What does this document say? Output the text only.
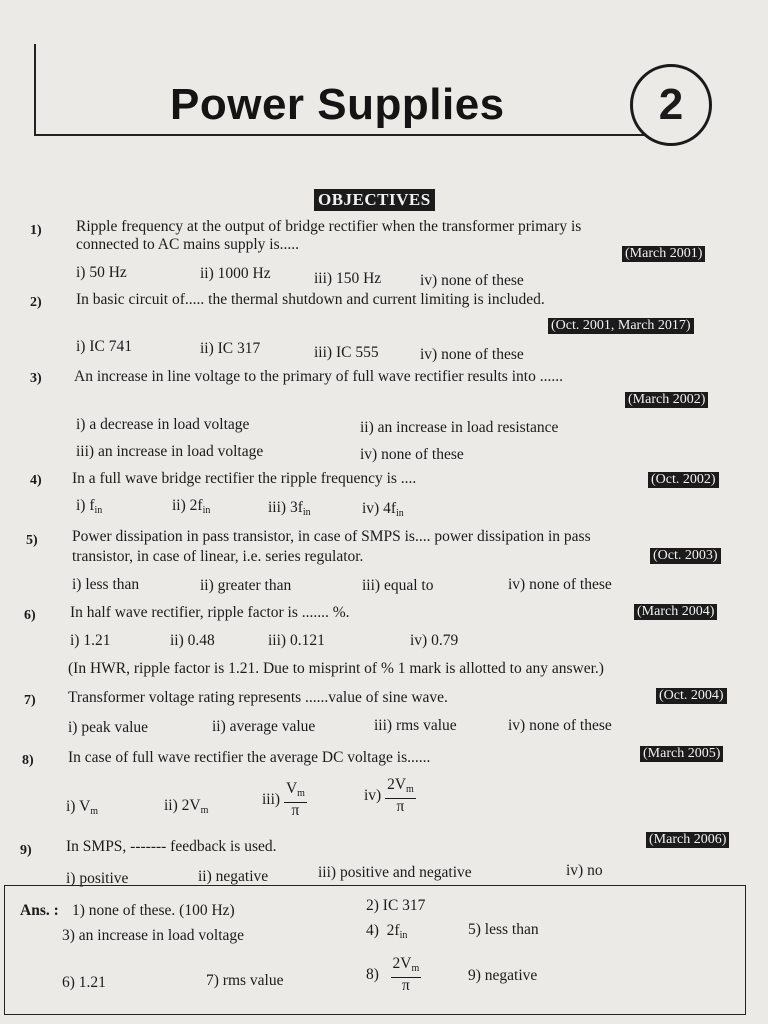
Power Supplies	2
OBJECTIVES
1) Ripple frequency at the output of bridge rectifier when the transformer primary is
connected to AC mains supply is.....
(March 2001)
i) 50 Hz	ii) 1000 Hz	iii) 150 Hz	iv) none of these
2) In basic circuit of..... the thermal shutdown and current limiting is included.
(Oct. 2001, March 2017)
i) IC 741	ii) IC 317	iii) IC 555	iv) none of these
3) An increase in line voltage to the primary of full wave rectifier results into ......
(March 2002)
i) a decrease in load voltage	ii) an increase in load resistance
iii) an increase in load voltage	iv) none of these
4) In a full wave bridge rectifier the ripple frequency is ....	(Oct. 2002)
i) $f_{in}$	ii) $2f_{in}$	iii) $3f_{in}$	iv) $4f_{in}$
5) Power dissipation in pass transistor, in case of SMPS is.... power dissipation in pass
transistor, in case of linear, i.e. series regulator.	(Oct. 2003)
i) less than	ii) greater than	iii) equal to	iv) none of these
6) In half wave rectifier, ripple factor is ....... %.	(March 2004)
i) 1.21	ii) 0.48	iii) 0.121	iv) 0.79
(In HWR, ripple factor is 1.21. Due to misprint of % 1 mark is allotted to any answer.)
7) Transformer voltage rating represents ......value of sine wave.	(Oct. 2004)
i) peak value	ii) average value	iii) rms value	iv) none of these
8) In case of full wave rectifier the average DC voltage is......	(March 2005)
i) $V_m$	ii) $2V_m$
$iii) \frac{V_m}{\pi}$	$iv) \frac{2V_m}{\pi}$
9) In SMPS, ------- feedback is used.	(March 2006)
i) positive	ii) negative	iii) positive and negative	iv) no
Ans. : 1) none of these. (100 Hz)	2) IC 317
3) an increase in load voltage	4) $2f_{in}$	5) less than
6) 1.21	7) rms value	$8) \frac{2V_m}{\pi}$	9) negative
